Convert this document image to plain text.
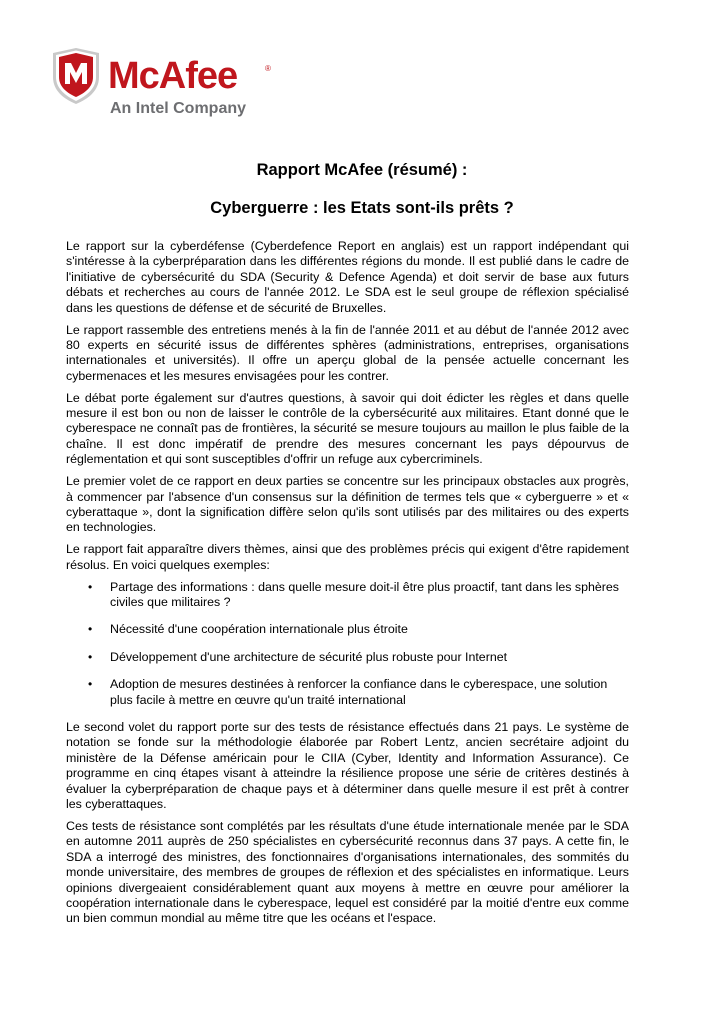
McAfee	®
An Intel Company
Rapport McAfee (résumé) :
Cyberguerre : les Etats sont-ils prêts ?

Le rapport sur la cyberdéfense (Cyberdefence Report en anglais) est un rapport indépendant qui s'intéresse à la cyberpréparation dans les différentes régions du monde. Il est publié dans le cadre de l'initiative de cybersécurité du SDA (Security & Defence Agenda) et doit servir de base aux futurs débats et recherches au cours de l'année 2012. Le SDA est le seul groupe de réflexion spécialisé dans les questions de défense et de sécurité de Bruxelles.

Le rapport rassemble des entretiens menés à la fin de l'année 2011 et au début de l'année 2012 avec 80 experts en sécurité issus de différentes sphères (administrations, entreprises, organisations internationales et universités). Il offre un aperçu global de la pensée actuelle concernant les cybermenaces et les mesures envisagées pour les contrer.

Le débat porte également sur d'autres questions, à savoir qui doit édicter les règles et dans quelle mesure il est bon ou non de laisser le contrôle de la cybersécurité aux militaires. Etant donné que le cyberespace ne connaît pas de frontières, la sécurité se mesure toujours au maillon le plus faible de la chaîne. Il est donc impératif de prendre des mesures concernant les pays dépourvus de réglementation et qui sont susceptibles d'offrir un refuge aux cybercriminels.

Le premier volet de ce rapport en deux parties se concentre sur les principaux obstacles aux progrès, à commencer par l'absence d'un consensus sur la définition de termes tels que « cyberguerre » et « cyberattaque », dont la signification diffère selon qu'ils sont utilisés par des militaires ou des experts en technologies.

Le rapport fait apparaître divers thèmes, ainsi que des problèmes précis qui exigent d'être rapidement résolus. En voici quelques exemples:

• Partage des informations : dans quelle mesure doit-il être plus proactif, tant dans les sphères civiles que militaires ?
• Nécessité d'une coopération internationale plus étroite
• Développement d'une architecture de sécurité plus robuste pour Internet
• Adoption de mesures destinées à renforcer la confiance dans le cyberespace, une solution plus facile à mettre en œuvre qu'un traité international

Le second volet du rapport porte sur des tests de résistance effectués dans 21 pays. Le système de notation se fonde sur la méthodologie élaborée par Robert Lentz, ancien secrétaire adjoint du ministère de la Défense américain pour le CIIA (Cyber, Identity and Information Assurance). Ce programme en cinq étapes visant à atteindre la résilience propose une série de critères destinés à évaluer la cyberpréparation de chaque pays et à déterminer dans quelle mesure il est prêt à contrer les cyberattaques.

Ces tests de résistance sont complétés par les résultats d'une étude internationale menée par le SDA en automne 2011 auprès de 250 spécialistes en cybersécurité reconnus dans 37 pays. A cette fin, le SDA a interrogé des ministres, des fonctionnaires d'organisations internationales, des sommités du monde universitaire, des membres de groupes de réflexion et des spécialistes en informatique. Leurs opinions divergeaient considérablement quant aux moyens à mettre en œuvre pour améliorer la coopération internationale dans le cyberespace, lequel est considéré par la moitié d'entre eux comme un bien commun mondial au même titre que les océans et l'espace.
